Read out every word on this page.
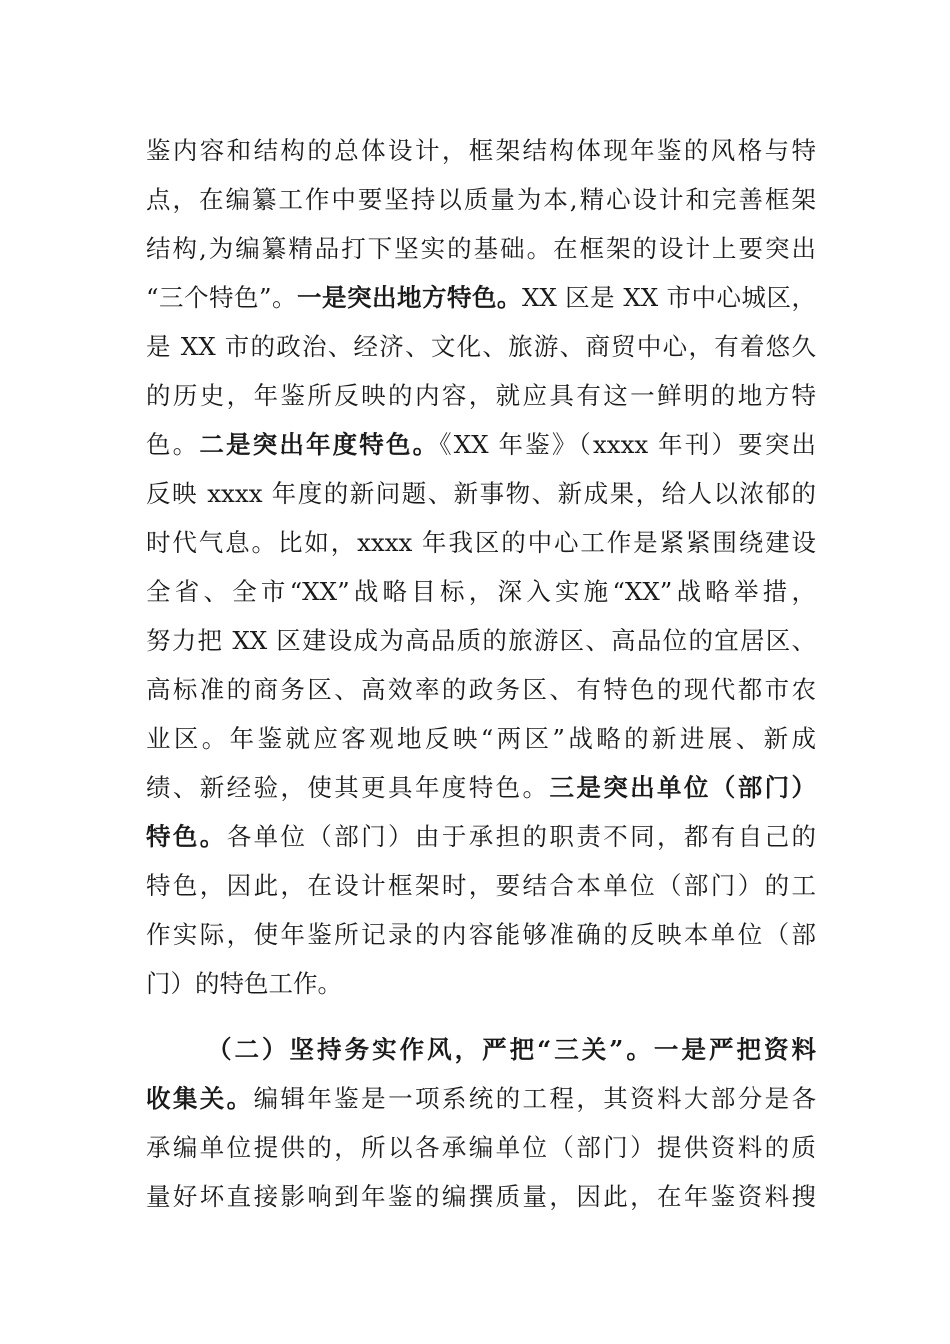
鉴内容和结构的总体设计，框架结构体现年鉴的风格与特
点，在编纂工作中要坚持以质量为本,精心设计和完善框架
结构,为编纂精品打下坚实的基础。在框架的设计上要突出
“三个特色”。一是突出地方特色。XX 区是 XX 市中心城区，
是 XX 市的政治、经济、文化、旅游、商贸中心，有着悠久
的历史，年鉴所反映的内容，就应具有这一鲜明的地方特
色。二是突出年度特色。《XX 年鉴》（xxxx 年刊）要突出
反映 xxxx 年度的新问题、新事物、新成果，给人以浓郁的
时代气息。比如，xxxx 年我区的中心工作是紧紧围绕建设
全省、全市“XX”战略目标，深入实施“XX”战略举措，
努力把 XX 区建设成为高品质的旅游区、高品位的宜居区、
高标准的商务区、高效率的政务区、有特色的现代都市农
业区。年鉴就应客观地反映“两区”战略的新进展、新成
绩、新经验，使其更具年度特色。三是突出单位（部门）
特色。各单位（部门）由于承担的职责不同，都有自己的
特色，因此，在设计框架时，要结合本单位（部门）的工
作实际，使年鉴所记录的内容能够准确的反映本单位（部
门）的特色工作。
（二）坚持务实作风，严把“三关”。一是严把资料
收集关。编辑年鉴是一项系统的工程，其资料大部分是各
承编单位提供的，所以各承编单位（部门）提供资料的质
量好坏直接影响到年鉴的编撰质量，因此，在年鉴资料搜
